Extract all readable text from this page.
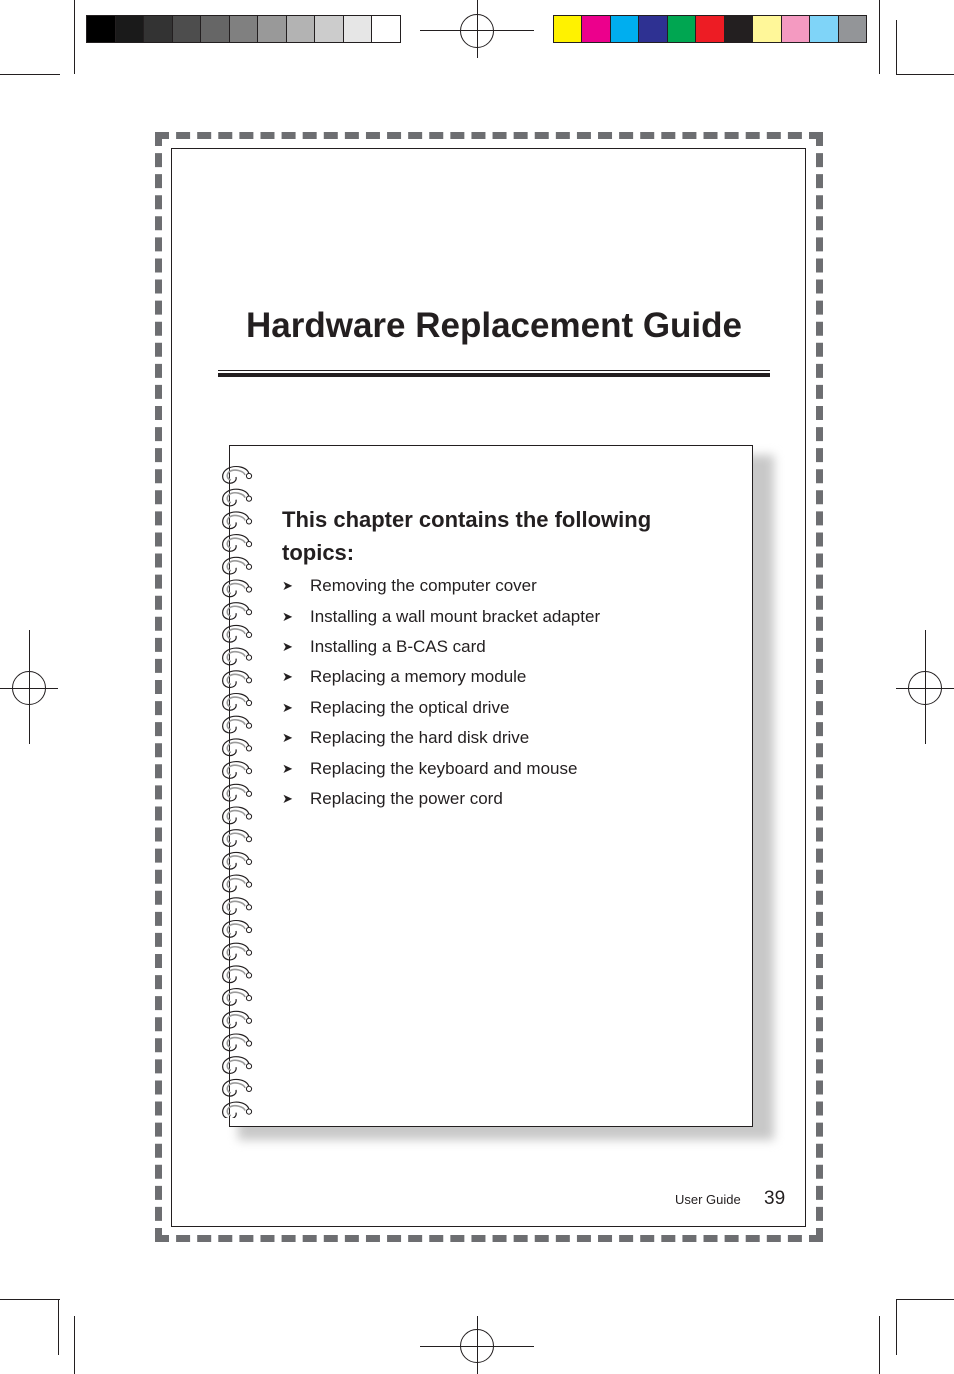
Hardware Replacement Guide
This chapter contains the following topics:
➤	Removing the computer cover
➤	Installing a wall mount bracket adapter
➤	Installing a B-CAS card
➤	Replacing a memory module
➤	Replacing the optical drive
➤	Replacing the hard disk drive
➤	Replacing the keyboard and mouse
➤	Replacing the power cord
User Guide 39
